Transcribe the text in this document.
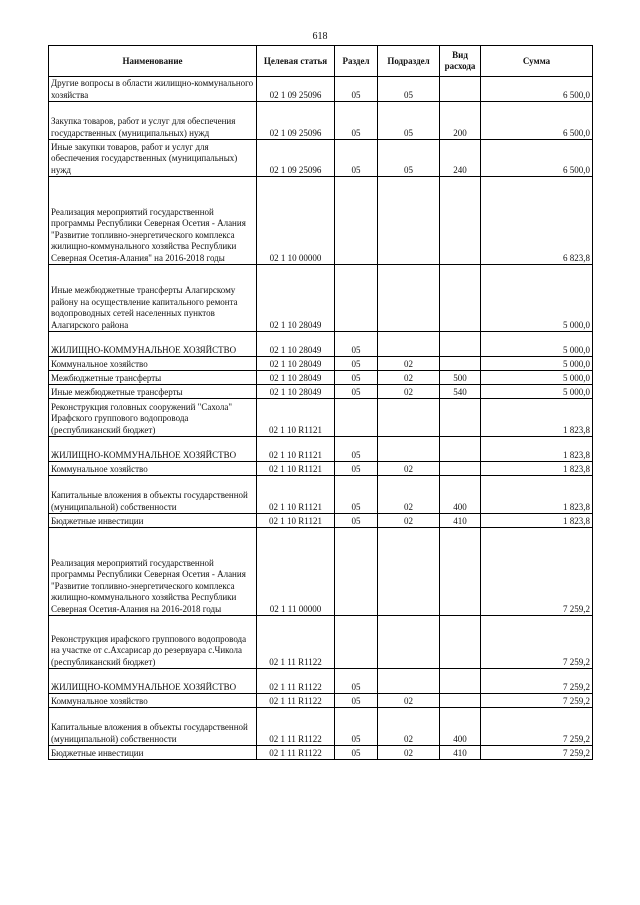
618
Наименование	Целевая статья	Раздел	Подраздел	Вид расхода	Сумма
Другие вопросы в области жилищно-коммунального хозяйства	02 1 09 25096	05	05		6 500,0
Закупка товаров, работ и услуг для обеспечения государственных (муниципальных) нужд	02 1 09 25096	05	05	200	6 500,0
Иные закупки товаров, работ и услуг для обеспечения государственных (муниципальных) нужд	02 1 09 25096	05	05	240	6 500,0
Реализация мероприятий государственной программы Республики Северная Осетия - Алания "Развитие топливно-энергетического комплекса жилищно-коммунального хозяйства Республики Северная Осетия-Алания" на 2016-2018 годы	02 1 10 00000				6 823,8
Иные межбюджетные трансферты Алагирскому району на осуществление капитального ремонта водопроводных сетей населенных пунктов Алагирского района	02 1 10 28049				5 000,0
ЖИЛИЩНО-КОММУНАЛЬНОЕ ХОЗЯЙСТВО	02 1 10 28049	05			5 000,0
Коммунальное хозяйство	02 1 10 28049	05	02		5 000,0
Межбюджетные трансферты	02 1 10 28049	05	02	500	5 000,0
Иные межбюджетные трансферты	02 1 10 28049	05	02	540	5 000,0
Реконструкция головных сооружений "Сахола" Ирафского группового водопровода (республиканский бюджет)	02 1 10 R1121				1 823,8
ЖИЛИЩНО-КОММУНАЛЬНОЕ ХОЗЯЙСТВО	02 1 10 R1121	05			1 823,8
Коммунальное хозяйство	02 1 10 R1121	05	02		1 823,8
Капитальные вложения в объекты государственной (муниципальной) собственности	02 1 10 R1121	05	02	400	1 823,8
Бюджетные инвестиции	02 1 10 R1121	05	02	410	1 823,8
Реализация мероприятий государственной программы Республики Северная Осетия - Алания "Развитие топливно-энергетического комплекса жилищно-коммунального хозяйства Республики Северная Осетия-Алания на 2016-2018 годы	02 1 11 00000				7 259,2
Реконструкция ирафского группового водопровода на участке от с.Ахсарисар до резервуара с.Чикола (республиканский бюджет)	02 1 11 R1122				7 259,2
ЖИЛИЩНО-КОММУНАЛЬНОЕ ХОЗЯЙСТВО	02 1 11 R1122	05			7 259,2
Коммунальное хозяйство	02 1 11 R1122	05	02		7 259,2
Капитальные вложения в объекты государственной (муниципальной) собственности	02 1 11 R1122	05	02	400	7 259,2
Бюджетные инвестиции	02 1 11 R1122	05	02	410	7 259,2
